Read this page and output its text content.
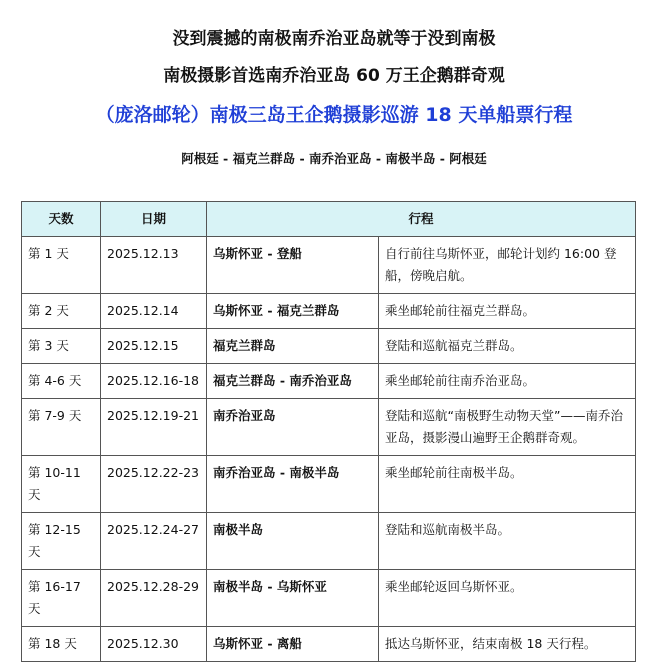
没到震撼的南极南乔治亚岛就等于没到南极
南极摄影首选南乔治亚岛 60 万王企鹅群奇观
（庞洛邮轮）南极三岛王企鹅摄影巡游 18 天单船票行程
阿根廷 - 福克兰群岛 - 南乔治亚岛 - 南极半岛 - 阿根廷
天数	日期	行程	
第 1 天	2025.12.13	乌斯怀亚 - 登船	自行前往乌斯怀亚，邮轮计划约 16:00 登船，傍晚启航。
第 2 天	2025.12.14	乌斯怀亚 - 福克兰群岛	乘坐邮轮前往福克兰群岛。
第 3 天	2025.12.15	福克兰群岛	登陆和巡航福克兰群岛。
第 4-6 天	2025.12.16-18	福克兰群岛 - 南乔治亚岛	乘坐邮轮前往南乔治亚岛。
第 7-9 天	2025.12.19-21	南乔治亚岛	登陆和巡航“南极野生动物天堂”——南乔治亚岛，摄影漫山遍野王企鹅群奇观。
第 10-11 天	2025.12.22-23	南乔治亚岛 - 南极半岛	乘坐邮轮前往南极半岛。
第 12-15 天	2025.12.24-27	南极半岛	登陆和巡航南极半岛。
第 16-17 天	2025.12.28-29	南极半岛 - 乌斯怀亚	乘坐邮轮返回乌斯怀亚。
第 18 天	2025.12.30	乌斯怀亚 - 离船	抵达乌斯怀亚，结束南极 18 天行程。
